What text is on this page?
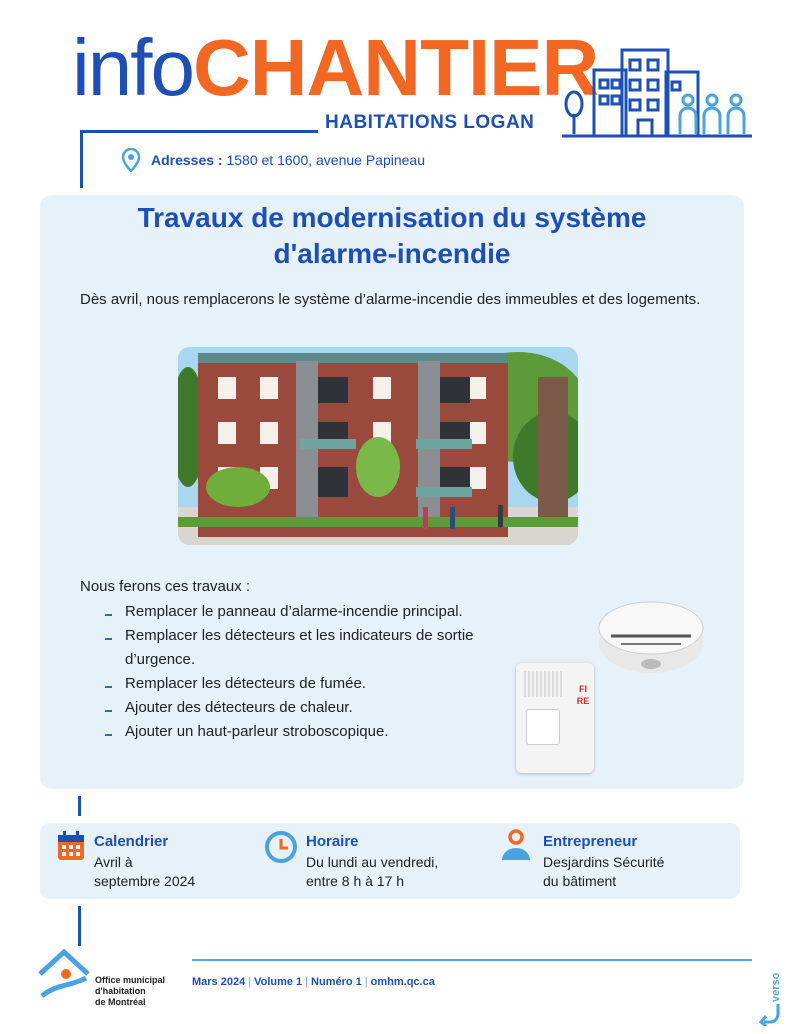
infoCHANTIER
HABITATIONS LOGAN
Adresses : 1580 et 1600, avenue Papineau
Travaux de modernisation du système
d'alarme-incendie
Dès avril, nous remplacerons le système d’alarme-incendie des immeubles et des logements.
Nous ferons ces travaux :
Remplacer le panneau d’alarme-incendie principal.
Remplacer les détecteurs et les indicateurs de sortie d’urgence.
Remplacer les détecteurs de fumée.
Ajouter des détecteurs de chaleur.
Ajouter un haut-parleur stroboscopique.
FIRE
Calendrier
Avril à
septembre 2024
Horaire
Du lundi au vendredi,
entre 8 h à 17 h
Entrepreneur
Desjardins Sécurité
du bâtiment
Office municipal
d'habitation
de Montréal
Mars 2024 | Volume 1 | Numéro 1 | omhm.qc.ca	verso
